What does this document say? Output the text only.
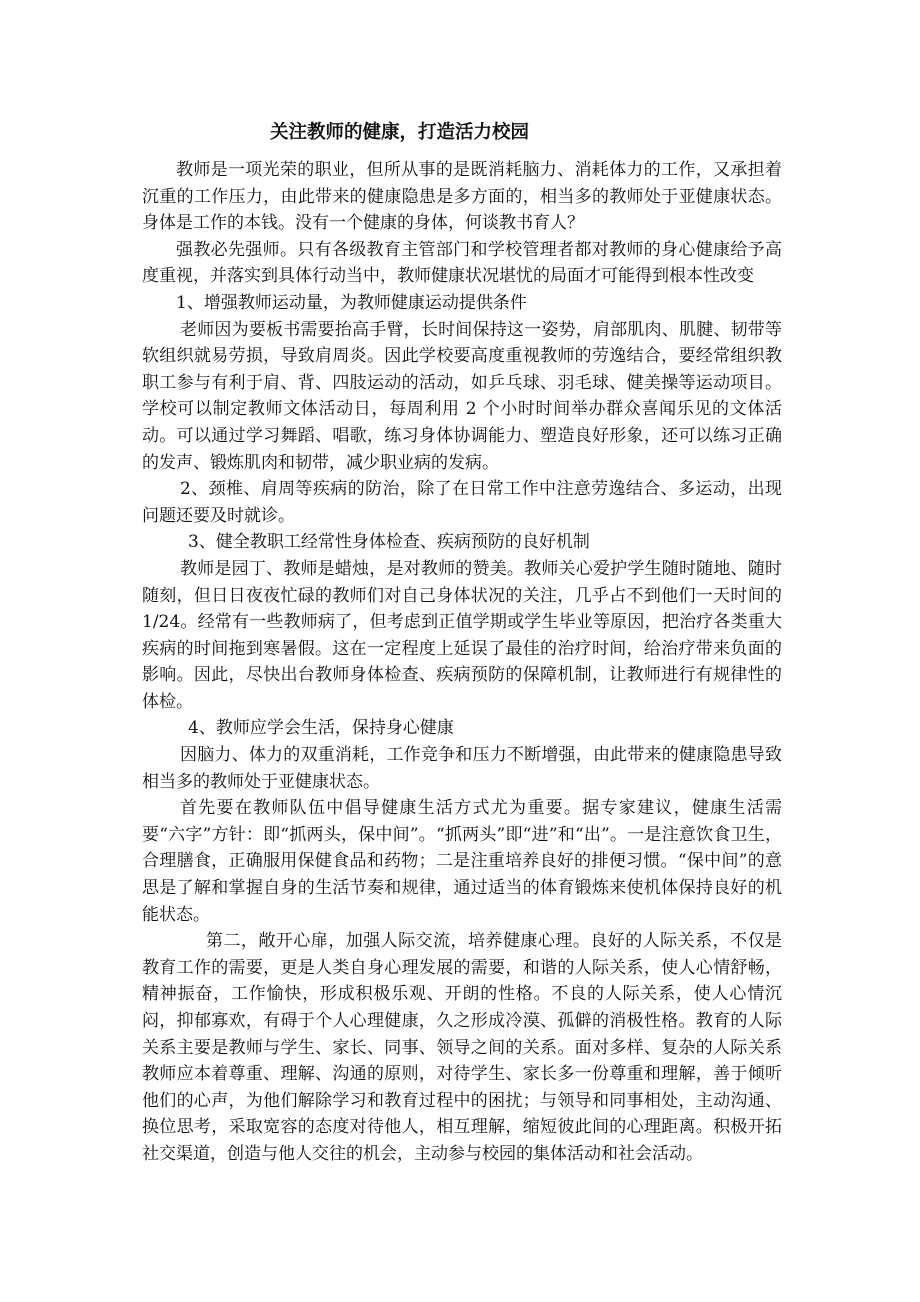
关注教师的健康，打造活力校园

教师是一项光荣的职业，但所从事的是既消耗脑力、消耗体力的工作，又承担着沉重的工作压力，由此带来的健康隐患是多方面的，相当多的教师处于亚健康状态。身体是工作的本钱。没有一个健康的身体，何谈教书育人？

强教必先强师。只有各级教育主管部门和学校管理者都对教师的身心健康给予高度重视，并落实到具体行动当中，教师健康状况堪忧的局面才可能得到根本性改变

1、增强教师运动量，为教师健康运动提供条件

老师因为要板书需要抬高手臂，长时间保持这一姿势，肩部肌肉、肌腱、韧带等软组织就易劳损，导致肩周炎。因此学校要高度重视教师的劳逸结合，要经常组织教职工参与有利于肩、背、四肢运动的活动，如乒乓球、羽毛球、健美操等运动项目。学校可以制定教师文体活动日，每周利用 2 个小时时间举办群众喜闻乐见的文体活动。可以通过学习舞蹈、唱歌，练习身体协调能力、塑造良好形象，还可以练习正确的发声、锻炼肌肉和韧带，减少职业病的发病。

2、颈椎、肩周等疾病的防治，除了在日常工作中注意劳逸结合、多运动，出现问题还要及时就诊。

3、健全教职工经常性身体检查、疾病预防的良好机制

教师是园丁、教师是蜡烛，是对教师的赞美。教师关心爱护学生随时随地、随时随刻，但日日夜夜忙碌的教师们对自己身体状况的关注，几乎占不到他们一天时间的 1/24。经常有一些教师病了，但考虑到正值学期或学生毕业等原因，把治疗各类重大疾病的时间拖到寒暑假。这在一定程度上延误了最佳的治疗时间，给治疗带来负面的影响。因此，尽快出台教师身体检查、疾病预防的保障机制，让教师进行有规律性的体检。

4、教师应学会生活，保持身心健康

因脑力、体力的双重消耗，工作竞争和压力不断增强，由此带来的健康隐患导致相当多的教师处于亚健康状态。

首先要在教师队伍中倡导健康生活方式尤为重要。据专家建议，健康生活需要“六字”方针：即“抓两头，保中间”。“抓两头”即“进”和“出”。一是注意饮食卫生，合理膳食，正确服用保健食品和药物；二是注重培养良好的排便习惯。“保中间”的意思是了解和掌握自身的生活节奏和规律，通过适当的体育锻炼来使机体保持良好的机能状态。

第二，敞开心扉，加强人际交流，培养健康心理。良好的人际关系，不仅是教育工作的需要，更是人类自身心理发展的需要，和谐的人际关系，使人心情舒畅，精神振奋，工作愉快，形成积极乐观、开朗的性格。不良的人际关系，使人心情沉闷，抑郁寡欢，有碍于个人心理健康，久之形成冷漠、孤僻的消极性格。教育的人际关系主要是教师与学生、家长、同事、领导之间的关系。面对多样、复杂的人际关系教师应本着尊重、理解、沟通的原则，对待学生、家长多一份尊重和理解，善于倾听他们的心声，为他们解除学习和教育过程中的困扰；与领导和同事相处，主动沟通、换位思考，采取宽容的态度对待他人，相互理解，缩短彼此间的心理距离。积极开拓社交渠道，创造与他人交往的机会，主动参与校园的集体活动和社会活动。
